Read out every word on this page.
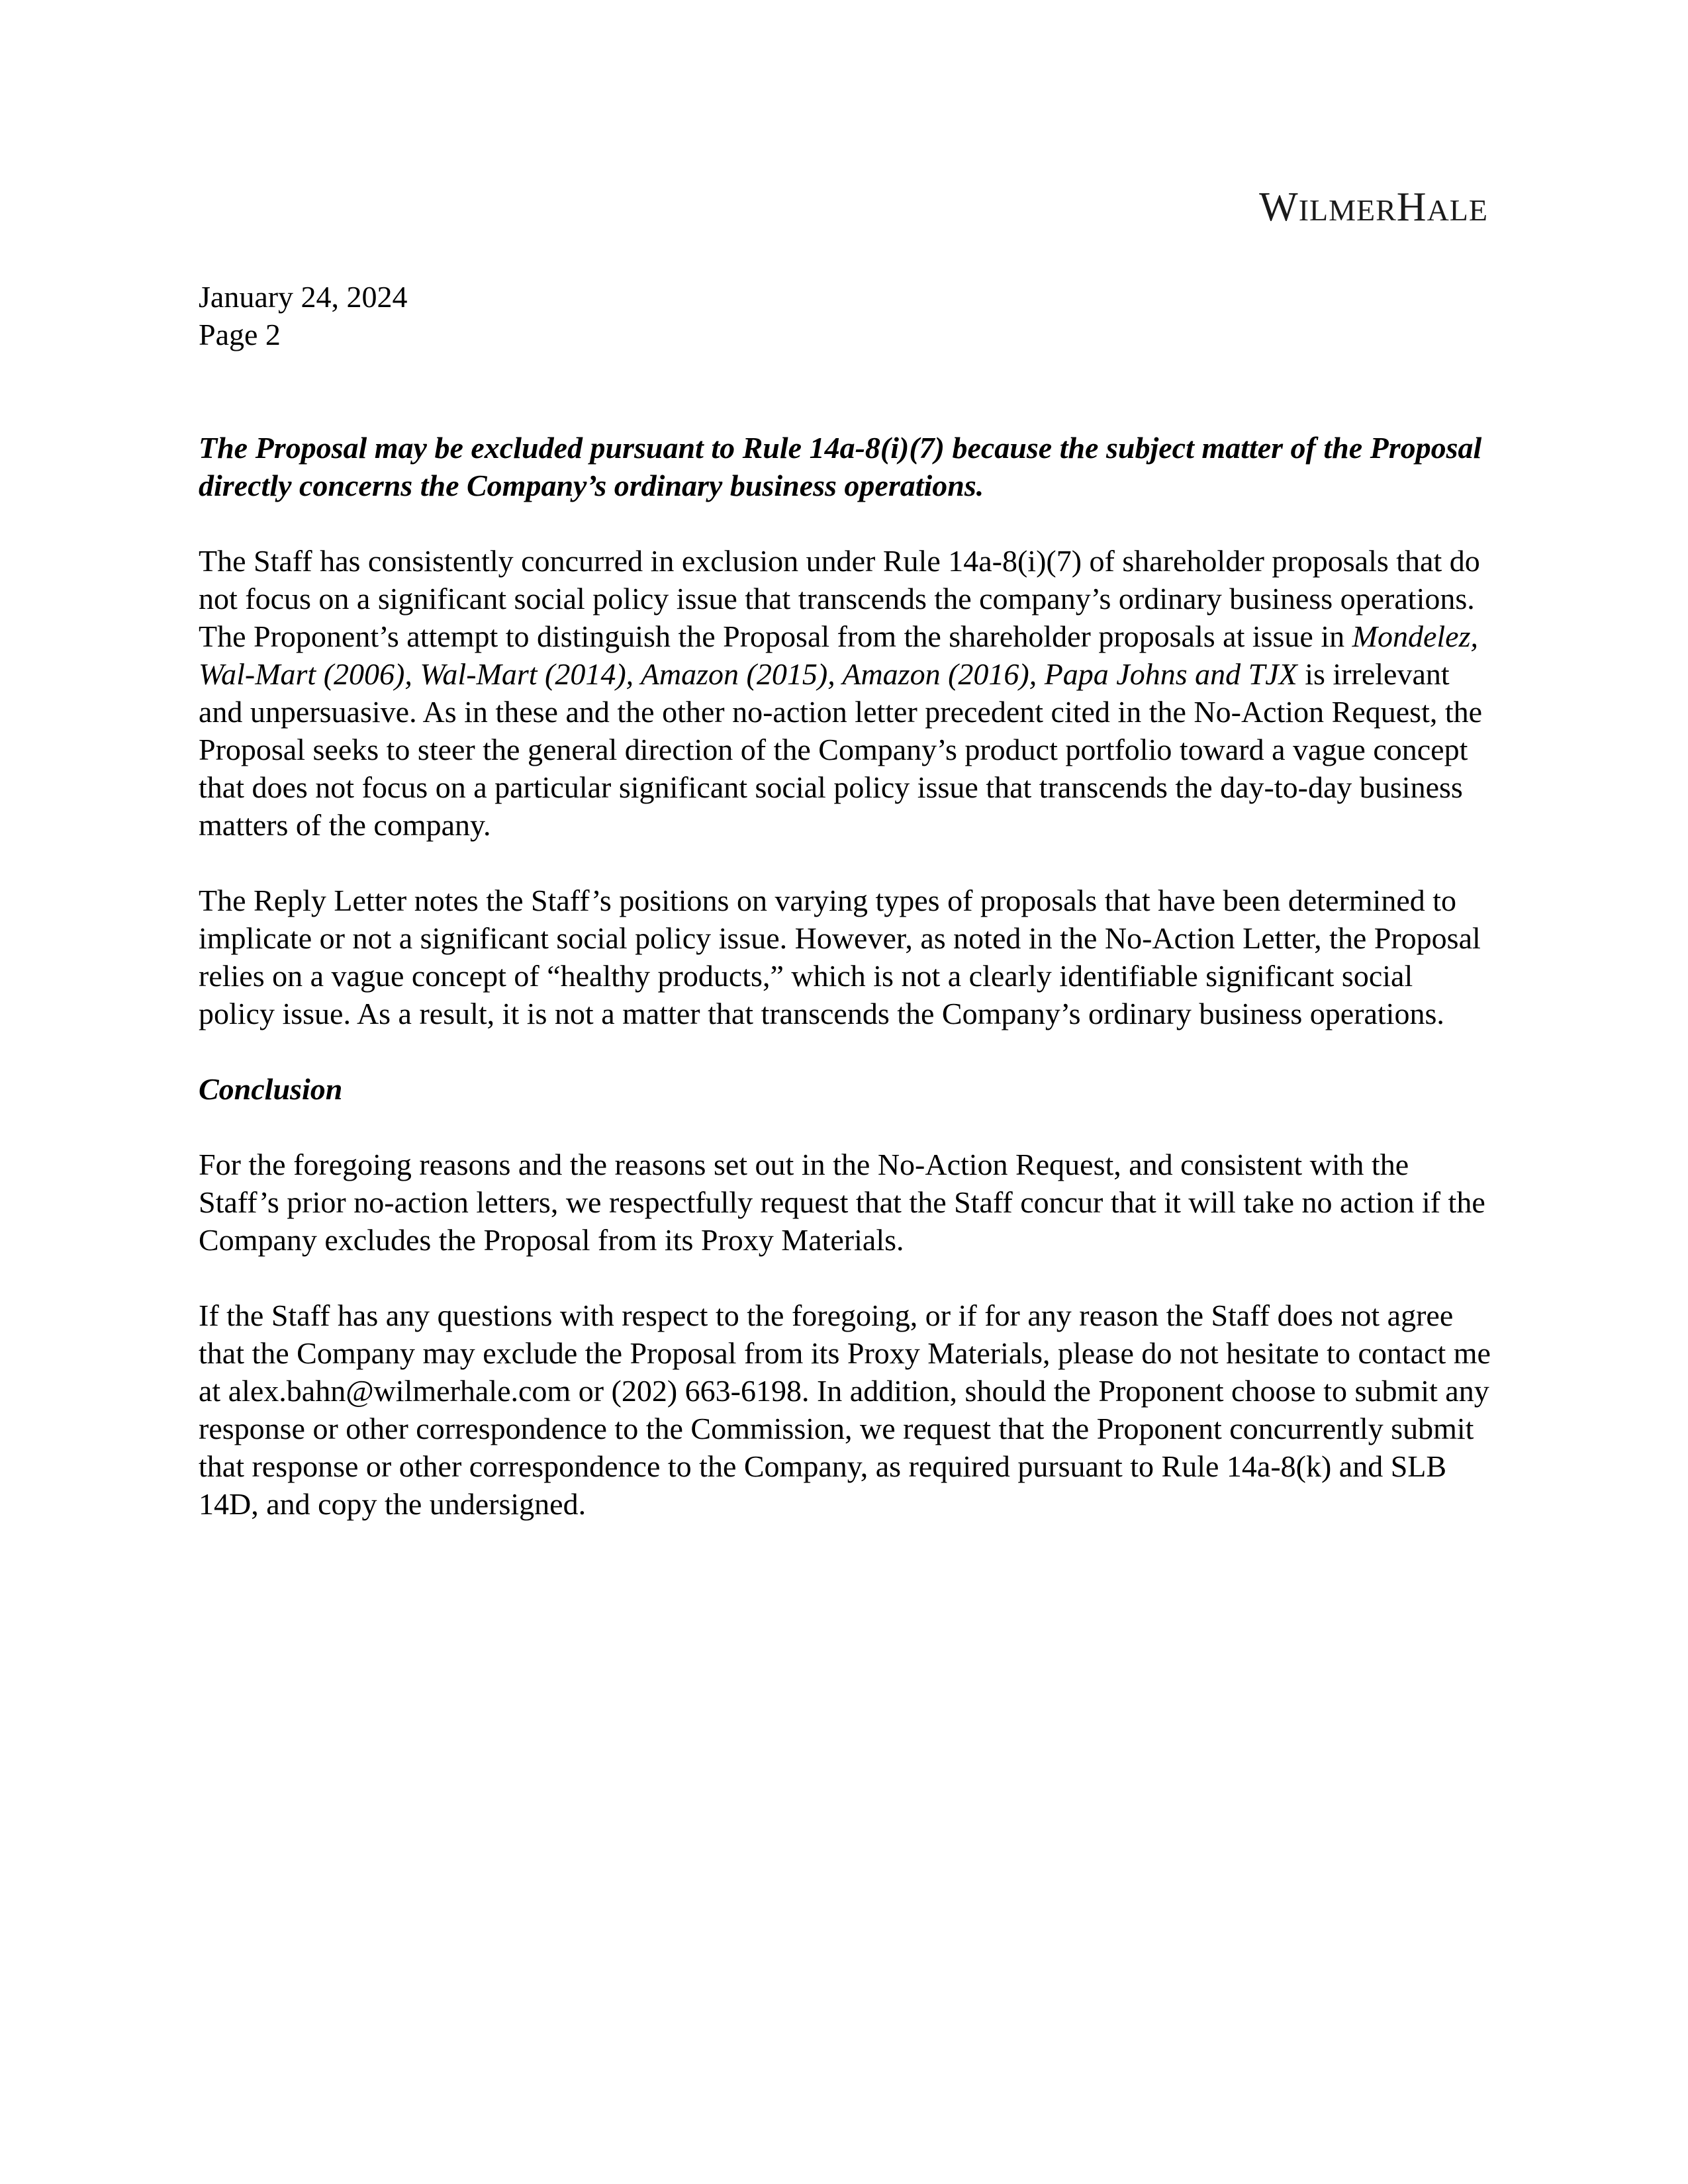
WILMERHALE
January 24, 2024
Page 2

The Proposal may be excluded pursuant to Rule 14a-8(i)(7) because the subject matter of the Proposal directly concerns the Company’s ordinary business operations.

The Staff has consistently concurred in exclusion under Rule 14a-8(i)(7) of shareholder proposals that do not focus on a significant social policy issue that transcends the company’s ordinary business operations. The Proponent’s attempt to distinguish the Proposal from the shareholder proposals at issue in Mondelez, Wal-Mart (2006), Wal-Mart (2014), Amazon (2015), Amazon (2016), Papa Johns and TJX is irrelevant and unpersuasive. As in these and the other no-action letter precedent cited in the No-Action Request, the Proposal seeks to steer the general direction of the Company’s product portfolio toward a vague concept that does not focus on a particular significant social policy issue that transcends the day-to-day business matters of the company.

The Reply Letter notes the Staff’s positions on varying types of proposals that have been determined to implicate or not a significant social policy issue. However, as noted in the No-Action Letter, the Proposal relies on a vague concept of “healthy products,” which is not a clearly identifiable significant social policy issue. As a result, it is not a matter that transcends the Company’s ordinary business operations.

Conclusion

For the foregoing reasons and the reasons set out in the No-Action Request, and consistent with the Staff’s prior no-action letters, we respectfully request that the Staff concur that it will take no action if the Company excludes the Proposal from its Proxy Materials.

If the Staff has any questions with respect to the foregoing, or if for any reason the Staff does not agree that the Company may exclude the Proposal from its Proxy Materials, please do not hesitate to contact me at alex.bahn@wilmerhale.com or (202) 663-6198. In addition, should the Proponent choose to submit any response or other correspondence to the Commission, we request that the Proponent concurrently submit that response or other correspondence to the Company, as required pursuant to Rule 14a-8(k) and SLB 14D, and copy the undersigned.
